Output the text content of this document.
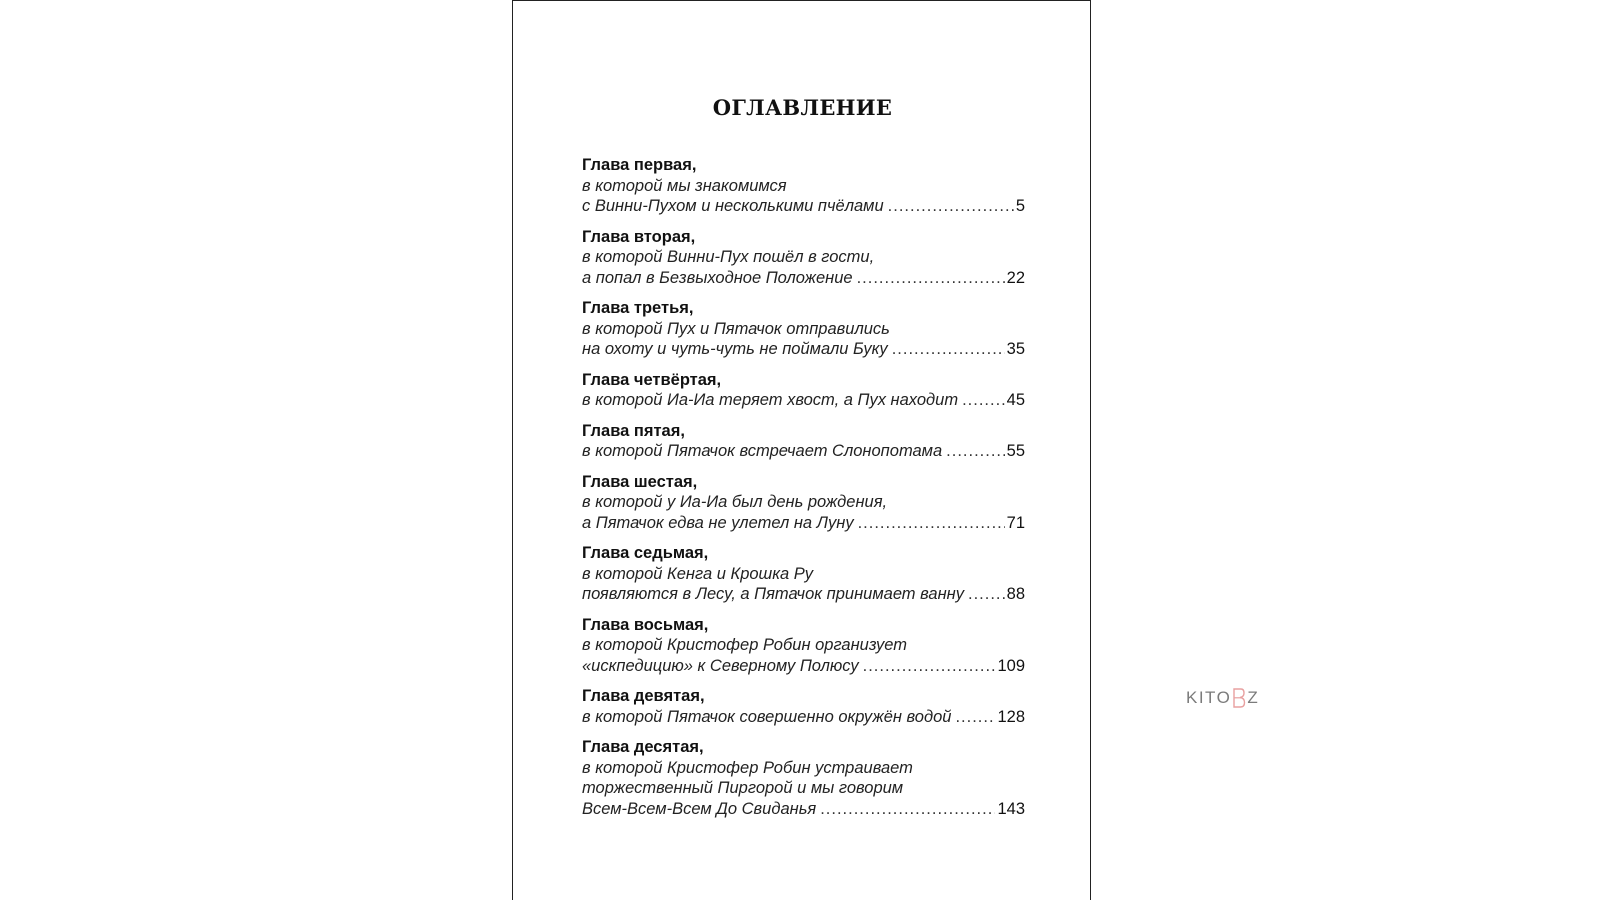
ОГЛАВЛЕНИЕ
Глава первая,
в которой мы знакомимся
с Винни-Пухом и несколькими пчёлами .....	5
Глава вторая,
в которой Винни-Пух пошёл в гости,
а попал в Безвыходное Положение .....	22
Глава третья,
в которой Пух и Пятачок отправились
на охоту и чуть-чуть не поймали Буку .....	35
Глава четвёртая,
в которой Иа-Иа теряет хвост, а Пух находит .....	45
Глава пятая,
в которой Пятачок встречает Слонопотама .....	55
Глава шестая,
в которой у Иа-Иа был день рождения,
а Пятачок едва не улетел на Луну .....	71
Глава седьмая,
в которой Кенга и Крошка Ру
появляются в Лесу, а Пятачок принимает ванну .....	88
Глава восьмая,
в которой Кристофер Робин организует
«искпедицию» к Северному Полюсу .....	109
Глава девятая,
в которой Пятачок совершенно окружён водой .....	128
Глава десятая,
в которой Кристофер Робин устраивает
торжественный Пиргорой и мы говорим
Всем-Всем-Всем До Свиданья .....	143
KITO Z
